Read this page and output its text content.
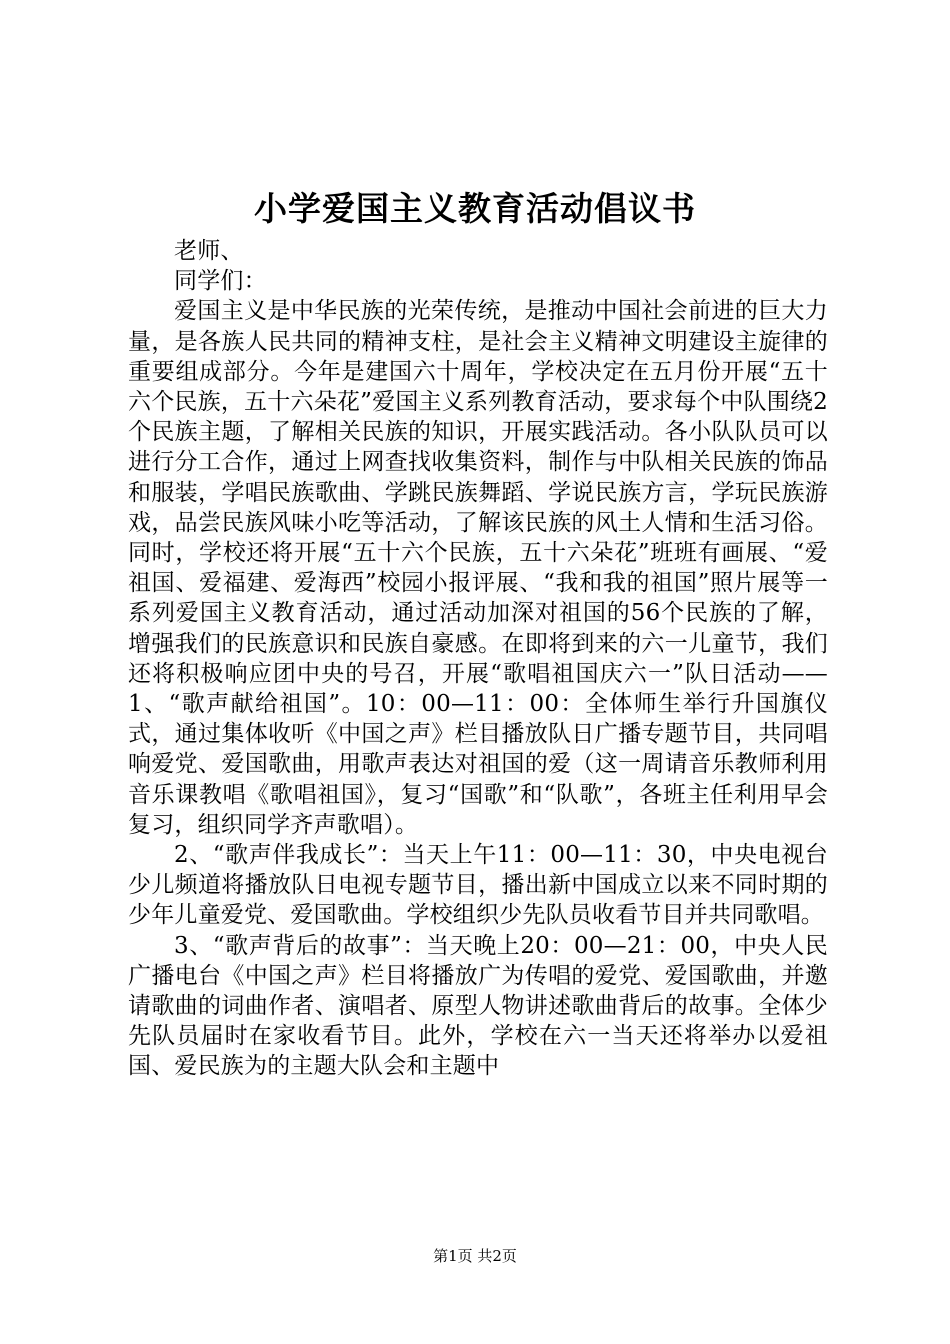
小学爱国主义教育活动倡议书

老师、

同学们：

爱国主义是中华民族的光荣传统，是推动中国社会前进的巨大力量，是各族人民共同的精神支柱，是社会主义精神文明建设主旋律的重要组成部分。今年是建国六十周年，学校决定在五月份开展“五十六个民族，五十六朵花”爱国主义系列教育活动，要求每个中队围绕2个民族主题，了解相关民族的知识，开展实践活动。各小队队员可以进行分工合作，通过上网查找收集资料，制作与中队相关民族的饰品和服装，学唱民族歌曲、学跳民族舞蹈、学说民族方言，学玩民族游戏，品尝民族风味小吃等活动，了解该民族的风土人情和生活习俗。同时，学校还将开展“五十六个民族，五十六朵花”班班有画展、“爱祖国、爱福建、爱海西”校园小报评展、“我和我的祖国”照片展等一系列爱国主义教育活动，通过活动加深对祖国的56个民族的了解，增强我们的民族意识和民族自豪感。在即将到来的六一儿童节，我们还将积极响应团中央的号召，开展“歌唱祖国庆六一”队日活动——1、“歌声献给祖国”。10：00—11：00：全体师生举行升国旗仪式，通过集体收听《中国之声》栏目播放队日广播专题节目，共同唱响爱党、爱国歌曲，用歌声表达对祖国的爱（这一周请音乐教师利用音乐课教唱《歌唱祖国》，复习“国歌”和“队歌”，各班主任利用早会复习，组织同学齐声歌唱）。

2、“歌声伴我成长”：当天上午11：00—11：30，中央电视台少儿频道将播放队日电视专题节目，播出新中国成立以来不同时期的少年儿童爱党、爱国歌曲。学校组织少先队员收看节目并共同歌唱。

3、“歌声背后的故事”：当天晚上20：00—21：00，中央人民广播电台《中国之声》栏目将播放广为传唱的爱党、爱国歌曲，并邀请歌曲的词曲作者、演唱者、原型人物讲述歌曲背后的故事。全体少先队员届时在家收看节目。此外，学校在六一当天还将举办以爱祖国、爱民族为的主题大队会和主题中

第1页 共2页
